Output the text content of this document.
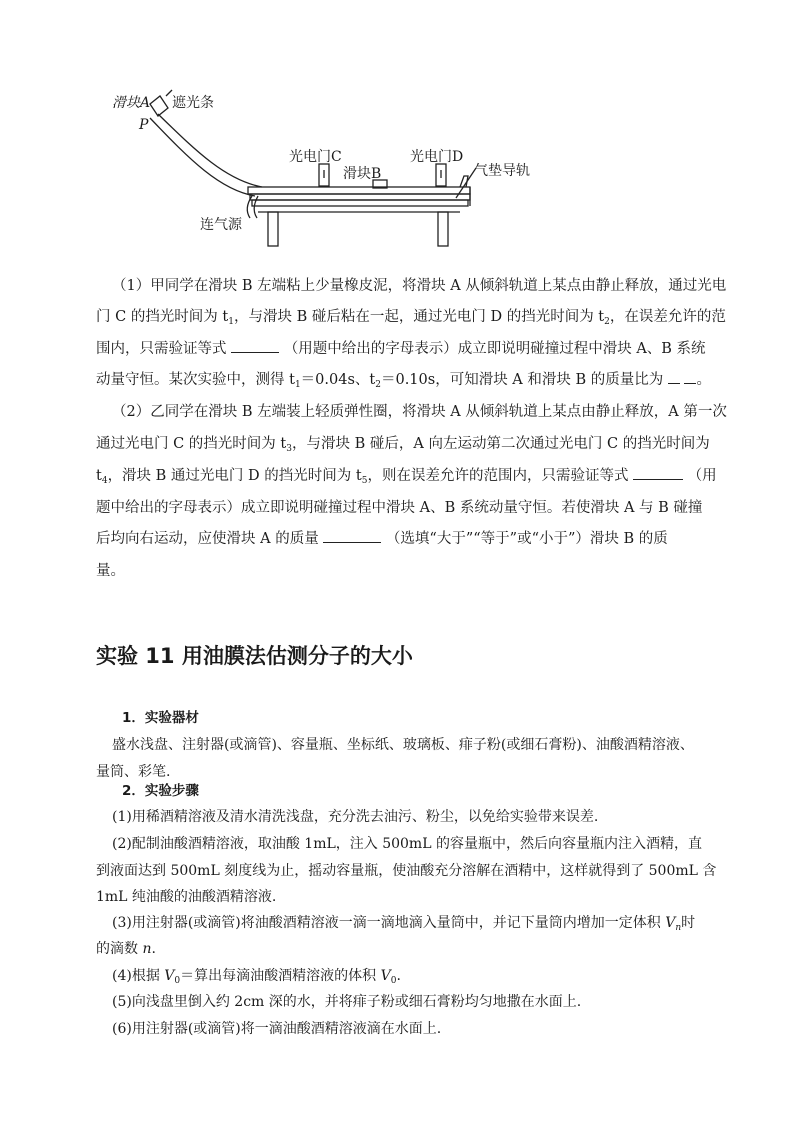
滑块A 遮光条
P
光电门C
滑块B
光电门D
气垫导轨
连气源

（1）甲同学在滑块 B 左端粘上少量橡皮泥，将滑块 A 从倾斜轨道上某点由静止释放，通过光电

门 C 的挡光时间为 $t_1$，与滑块 B 碰后粘在一起，通过光电门 D 的挡光时间为 $t_2$，在误差允许的范

围内，只需验证等式	（用题中给出的字母表示）成立即说明碰撞过程中滑块 A、B 系统

动量守恒。某次实验中，测得 $t_1=0.04s$、$t_2=0.10s$，可知滑块 A 和滑块 B 的质量比为  。

（2）乙同学在滑块 B 左端装上轻质弹性圈，将滑块 A 从倾斜轨道上某点由静止释放，A 第一次

通过光电门 C 的挡光时间为 $t_3$，与滑块 B 碰后，A 向左运动第二次通过光电门 C 的挡光时间为

$t_4$，滑块 B 通过光电门 D 的挡光时间为 $t_5$，则在误差允许的范围内，只需验证等式	（用

题中给出的字母表示）成立即说明碰撞过程中滑块 A、B 系统动量守恒。若使滑块 A 与 B 碰撞

后均向右运动，应使滑块 A 的质量	（选填“大于”“等于”或“小于”）滑块 B 的质

量。

实验 11 用油膜法估测分子的大小

1．实验器材

盛水浅盘、注射器(或滴管)、容量瓶、坐标纸、玻璃板、痱子粉(或细石膏粉)、油酸酒精溶液、

量筒、彩笔.

2．实验步骤

(1)用稀酒精溶液及清水清洗浅盘，充分洗去油污、粉尘，以免给实验带来误差.

(2)配制油酸酒精溶液，取油酸 1mL，注入 500mL 的容量瓶中，然后向容量瓶内注入酒精，直

到液面达到 500mL 刻度线为止，摇动容量瓶，使油酸充分溶解在酒精中，这样就得到了 500mL 含

1mL 纯油酸的油酸酒精溶液.

(3)用注射器(或滴管)将油酸酒精溶液一滴一滴地滴入量筒中，并记下量筒内增加一定体积 $V_n$时

的滴数 n.

(4)根据 $V_0=$算出每滴油酸酒精溶液的体积 $V_0$.

(5)向浅盘里倒入约 2cm 深的水，并将痱子粉或细石膏粉均匀地撒在水面上.

(6)用注射器(或滴管)将一滴油酸酒精溶液滴在水面上.
